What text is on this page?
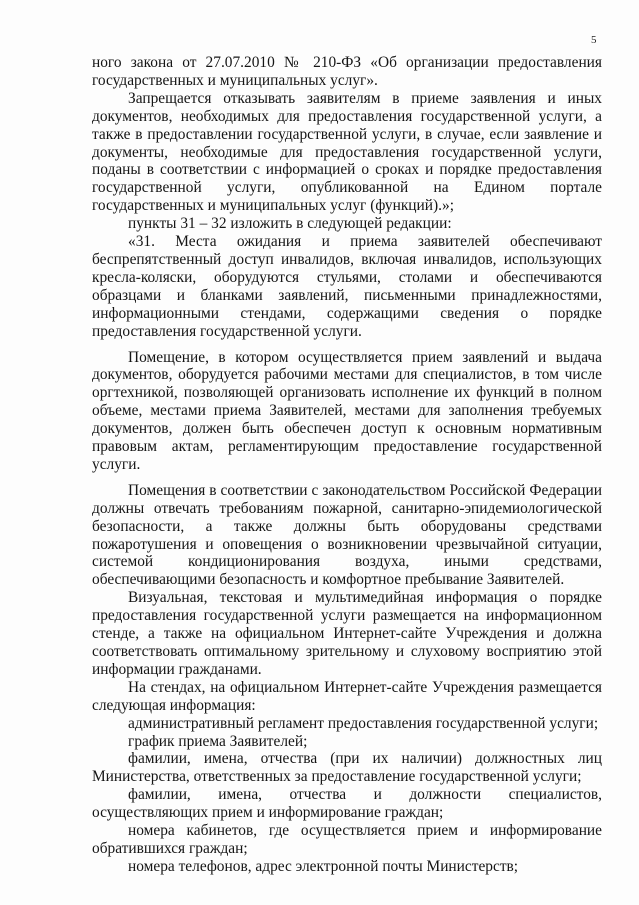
5

ного закона от 27.07.2010 № 210-ФЗ «Об организации предоставления государственных и муниципальных услуг».

Запрещается отказывать заявителям в приеме заявления и иных документов, необходимых для предоставления государственной услуги, а также в предоставлении государственной услуги, в случае, если заявление и документы, необходимые для предоставления государственной услуги, поданы в соответствии с информацией о сроках и порядке предоставления государственной услуги, опубликованной на Едином портале государственных и муниципальных услуг (функций).»;

пункты 31 – 32 изложить в следующей редакции:

«31. Места ожидания и приема заявителей обеспечивают беспрепятственный доступ инвалидов, включая инвалидов, использующих кресла-коляски, оборудуются стульями, столами и обеспечиваются образцами и бланками заявлений, письменными принадлежностями, информационными стендами, содержащими сведения о порядке предоставления государственной услуги.

Помещение, в котором осуществляется прием заявлений и выдача документов, оборудуется рабочими местами для специалистов, в том числе оргтехникой, позволяющей организовать исполнение их функций в полном объеме, местами приема Заявителей, местами для заполнения требуемых документов, должен быть обеспечен доступ к основным нормативным правовым актам, регламентирующим предоставление государственной услуги.

Помещения в соответствии с законодательством Российской Федерации должны отвечать требованиям пожарной, санитарно-эпидемиологической безопасности, а также должны быть оборудованы средствами пожаротушения и оповещения о возникновении чрезвычайной ситуации, системой кондиционирования воздуха, иными средствами, обеспечивающими безопасность и комфортное пребывание Заявителей.

Визуальная, текстовая и мультимедийная информация о порядке предоставления государственной услуги размещается на информационном стенде, а также на официальном Интернет-сайте Учреждения и должна соответствовать оптимальному зрительному и слуховому восприятию этой информации гражданами.

На стендах, на официальном Интернет-сайте Учреждения размещается следующая информация:

административный регламент предоставления государственной услуги;

график приема Заявителей;

фамилии, имена, отчества (при их наличии) должностных лиц Министерства, ответственных за предоставление государственной услуги;

фамилии, имена, отчества и должности специалистов, осуществляющих прием и информирование граждан;

номера кабинетов, где осуществляется прием и информирование обратившихся граждан;

номера телефонов, адрес электронной почты Министерств;
